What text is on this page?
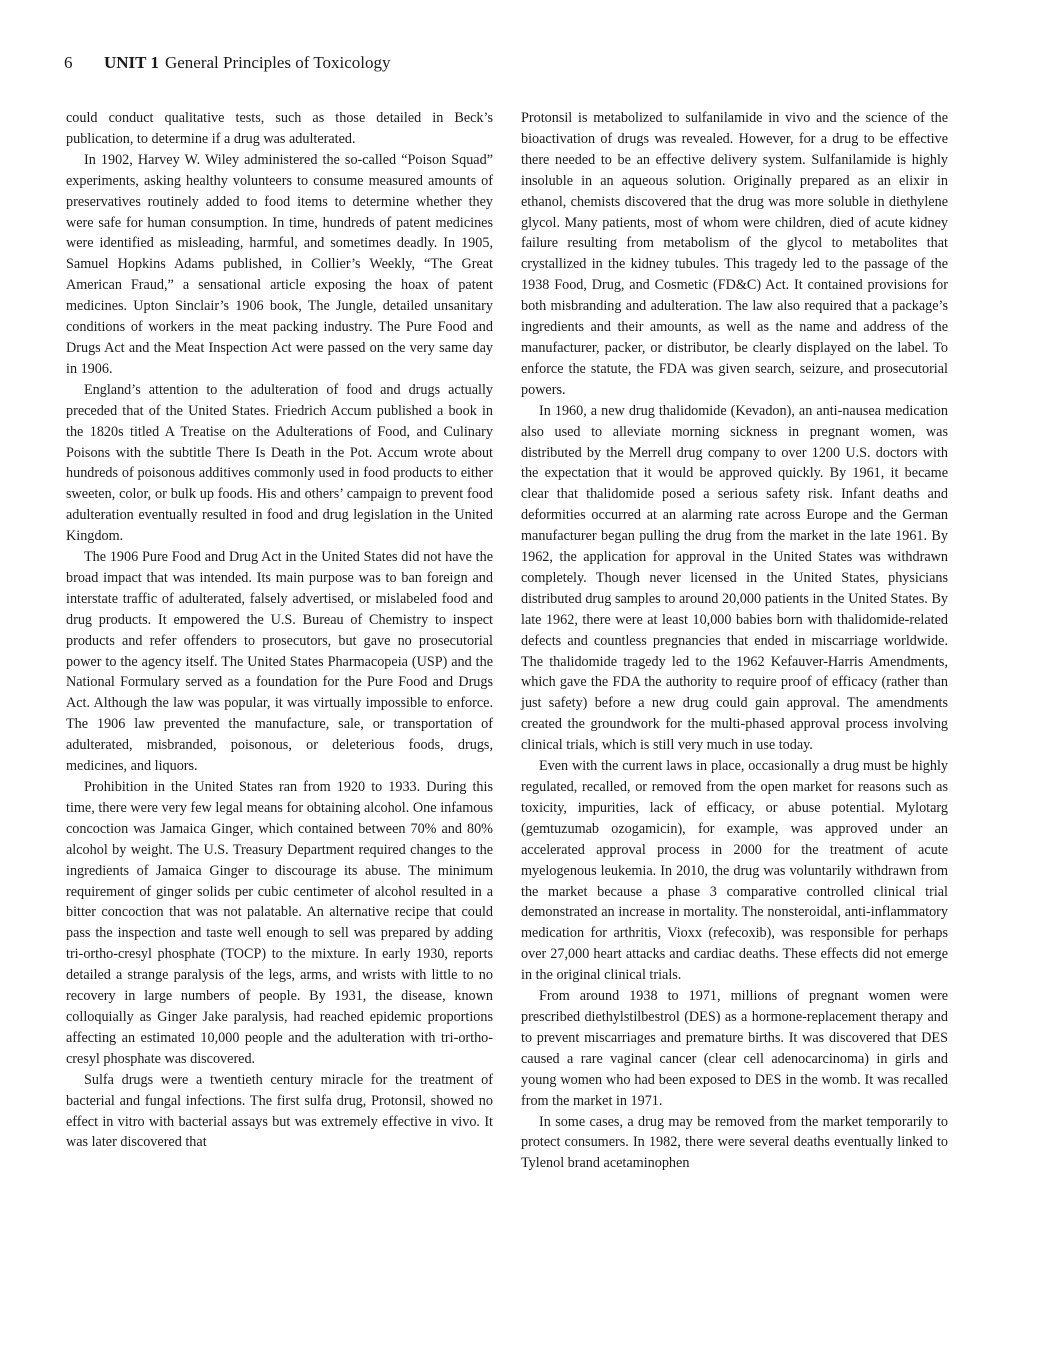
6 UNIT 1 General Principles of Toxicology

could conduct qualitative tests, such as those detailed in Beck’s publication, to determine if a drug was adulterated.

In 1902, Harvey W. Wiley administered the so-called “Poison Squad” experiments, asking healthy volunteers to consume measured amounts of preservatives routinely added to food items to determine whether they were safe for human consumption. In time, hundreds of patent medicines were identified as misleading, harmful, and sometimes deadly. In 1905, Samuel Hopkins Adams published, in Collier’s Weekly, “The Great American Fraud,” a sensational article exposing the hoax of patent medicines. Upton Sinclair’s 1906 book, The Jungle, detailed unsanitary conditions of workers in the meat packing industry. The Pure Food and Drugs Act and the Meat Inspection Act were passed on the very same day in 1906.

England’s attention to the adulteration of food and drugs actually preceded that of the United States. Friedrich Accum published a book in the 1820s titled A Treatise on the Adulterations of Food, and Culinary Poisons with the subtitle There Is Death in the Pot. Accum wrote about hundreds of poisonous additives commonly used in food products to either sweeten, color, or bulk up foods. His and others’ campaign to prevent food adulteration eventually resulted in food and drug legislation in the United Kingdom.

The 1906 Pure Food and Drug Act in the United States did not have the broad impact that was intended. Its main purpose was to ban foreign and interstate traffic of adulterated, falsely advertised, or mislabeled food and drug products. It empowered the U.S. Bureau of Chemistry to inspect products and refer offenders to prosecutors, but gave no prosecutorial power to the agency itself. The United States Pharmacopeia (USP) and the National Formulary served as a foundation for the Pure Food and Drugs Act. Although the law was popular, it was virtually impossible to enforce. The 1906 law prevented the manufacture, sale, or transportation of adulterated, misbranded, poisonous, or deleterious foods, drugs, medicines, and liquors.

Prohibition in the United States ran from 1920 to 1933. During this time, there were very few legal means for obtaining alcohol. One infamous concoction was Jamaica Ginger, which contained between 70% and 80% alcohol by weight. The U.S. Treasury Department required changes to the ingredients of Jamaica Ginger to discourage its abuse. The minimum requirement of ginger solids per cubic centimeter of alcohol resulted in a bitter concoction that was not palatable. An alternative recipe that could pass the inspection and taste well enough to sell was prepared by adding tri-ortho-cresyl phosphate (TOCP) to the mixture. In early 1930, reports detailed a strange paralysis of the legs, arms, and wrists with little to no recovery in large numbers of people. By 1931, the disease, known colloquially as Ginger Jake paralysis, had reached epidemic proportions affecting an estimated 10,000 people and the adulteration with tri-ortho-cresyl phosphate was discovered.

Sulfa drugs were a twentieth century miracle for the treatment of bacterial and fungal infections. The first sulfa drug, Protonsil, showed no effect in vitro with bacterial assays but was extremely effective in vivo. It was later discovered that

Protonsil is metabolized to sulfanilamide in vivo and the science of the bioactivation of drugs was revealed. However, for a drug to be effective there needed to be an effective delivery system. Sulfanilamide is highly insoluble in an aqueous solution. Originally prepared as an elixir in ethanol, chemists discovered that the drug was more soluble in diethylene glycol. Many patients, most of whom were children, died of acute kidney failure resulting from metabolism of the glycol to metabolites that crystallized in the kidney tubules. This tragedy led to the passage of the 1938 Food, Drug, and Cosmetic (FD&C) Act. It contained provisions for both misbranding and adulteration. The law also required that a package’s ingredients and their amounts, as well as the name and address of the manufacturer, packer, or distributor, be clearly displayed on the label. To enforce the statute, the FDA was given search, seizure, and prosecutorial powers.

In 1960, a new drug thalidomide (Kevadon), an anti-nausea medication also used to alleviate morning sickness in pregnant women, was distributed by the Merrell drug company to over 1200 U.S. doctors with the expectation that it would be approved quickly. By 1961, it became clear that thalidomide posed a serious safety risk. Infant deaths and deformities occurred at an alarming rate across Europe and the German manufacturer began pulling the drug from the market in the late 1961. By 1962, the application for approval in the United States was withdrawn completely. Though never licensed in the United States, physicians distributed drug samples to around 20,000 patients in the United States. By late 1962, there were at least 10,000 babies born with thalidomide-related defects and countless pregnancies that ended in miscarriage worldwide. The thalidomide tragedy led to the 1962 Kefauver-Harris Amendments, which gave the FDA the authority to require proof of efficacy (rather than just safety) before a new drug could gain approval. The amendments created the groundwork for the multi-phased approval process involving clinical trials, which is still very much in use today.

Even with the current laws in place, occasionally a drug must be highly regulated, recalled, or removed from the open market for reasons such as toxicity, impurities, lack of efficacy, or abuse potential. Mylotarg (gemtuzumab ozogamicin), for example, was approved under an accelerated approval process in 2000 for the treatment of acute myelogenous leukemia. In 2010, the drug was voluntarily withdrawn from the market because a phase 3 comparative controlled clinical trial demonstrated an increase in mortality. The nonsteroidal, anti-inflammatory medication for arthritis, Vioxx (refecoxib), was responsible for perhaps over 27,000 heart attacks and cardiac deaths. These effects did not emerge in the original clinical trials.

From around 1938 to 1971, millions of pregnant women were prescribed diethylstilbestrol (DES) as a hormone-replacement therapy and to prevent miscarriages and premature births. It was discovered that DES caused a rare vaginal cancer (clear cell adenocarcinoma) in girls and young women who had been exposed to DES in the womb. It was recalled from the market in 1971.

In some cases, a drug may be removed from the market temporarily to protect consumers. In 1982, there were several deaths eventually linked to Tylenol brand acetaminophen
